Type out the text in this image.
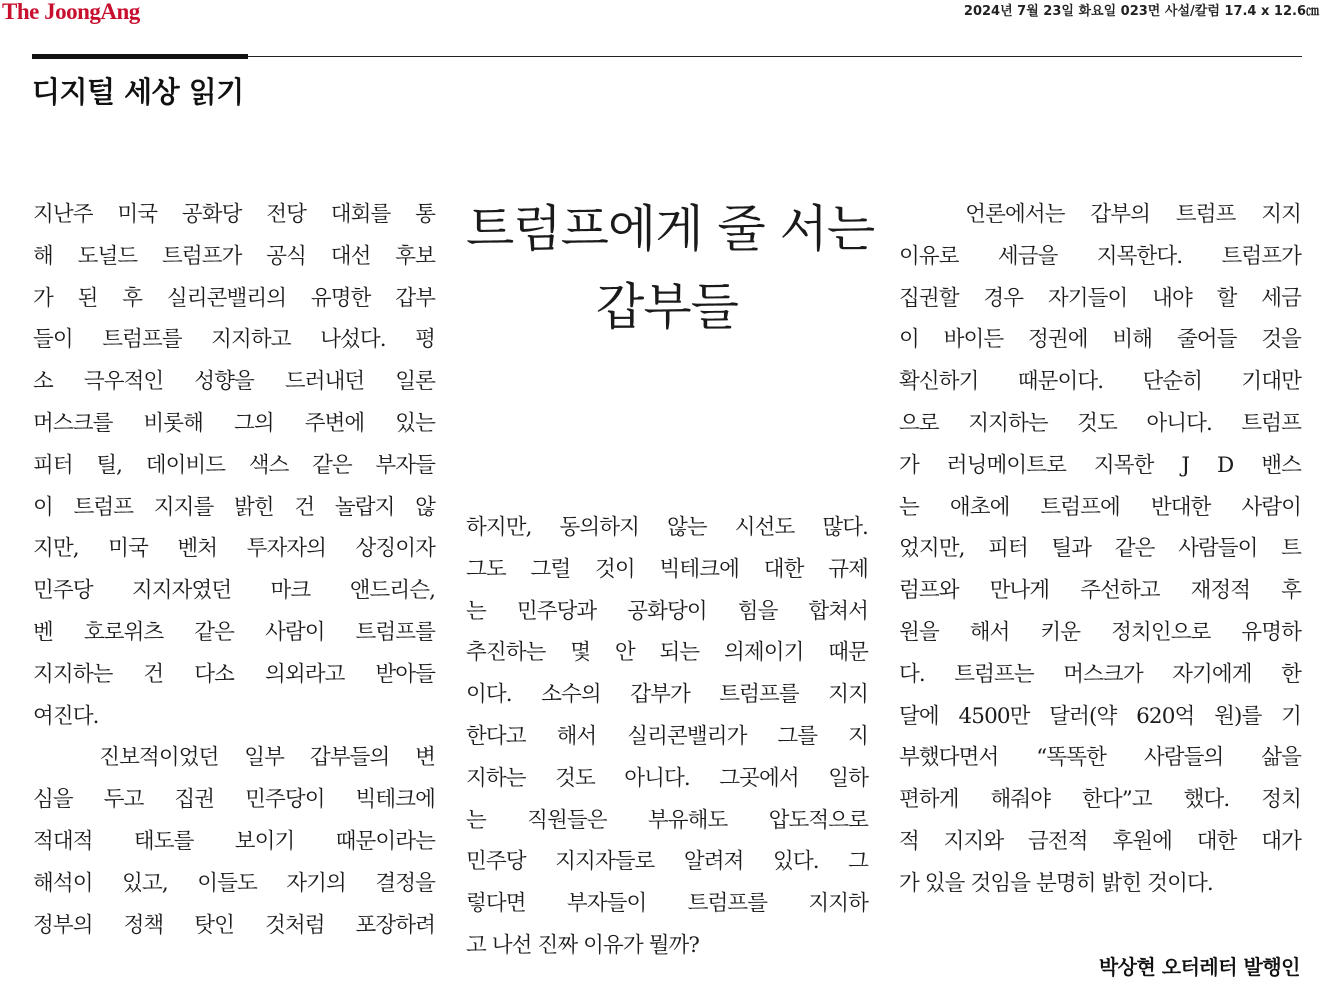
The JoongAng	2024년 7월 23일 화요일 023면 사설/칼럼 17.4 x 12.6㎝
디지털 세상 읽기
트럼프에게 줄 서는
갑부들
지난주 미국 공화당 전당 대회를 통
해 도널드 트럼프가 공식 대선 후보
가 된 후 실리콘밸리의 유명한 갑부
들이 트럼프를 지지하고 나섰다. 평
소 극우적인 성향을 드러내던 일론
머스크를 비롯해 그의 주변에 있는
피터 틸, 데이비드 색스 같은 부자들
이 트럼프 지지를 밝힌 건 놀랍지 않
지만, 미국 벤처 투자자의 상징이자
민주당 지지자였던 마크 앤드리슨,
벤 호로위츠 같은 사람이 트럼프를
지지하는 건 다소 의외라고 받아들
여진다.
　 진보적이었던 일부 갑부들의 변
심을 두고 집권 민주당이 빅테크에
적대적 태도를 보이기 때문이라는
해석이 있고, 이들도 자기의 결정을
정부의 정책 탓인 것처럼 포장하려
하지만, 동의하지 않는 시선도 많다.
그도 그럴 것이 빅테크에 대한 규제
는 민주당과 공화당이 힘을 합쳐서
추진하는 몇 안 되는 의제이기 때문
이다. 소수의 갑부가 트럼프를 지지
한다고 해서 실리콘밸리가 그를 지
지하는 것도 아니다. 그곳에서 일하
는 직원들은 부유해도 압도적으로
민주당 지지자들로 알려져 있다. 그
렇다면 부자들이 트럼프를 지지하
고 나선 진짜 이유가 뭘까?
　 언론에서는 갑부의 트럼프 지지
이유로 세금을 지목한다. 트럼프가
집권할 경우 자기들이 내야 할 세금
이 바이든 정권에 비해 줄어들 것을
확신하기 때문이다. 단순히 기대만
으로 지지하는 것도 아니다. 트럼프
가 러닝메이트로 지목한 J D 밴스
는 애초에 트럼프에 반대한 사람이
었지만, 피터 틸과 같은 사람들이 트
럼프와 만나게 주선하고 재정적 후
원을 해서 키운 정치인으로 유명하
다. 트럼프는 머스크가 자기에게 한
달에 4500만 달러(약 620억 원)를 기
부했다면서 “똑똑한 사람들의 삶을
편하게 해줘야 한다”고 했다. 정치
적 지지와 금전적 후원에 대한 대가
가 있을 것임을 분명히 밝힌 것이다.
박상현 오터레터 발행인
